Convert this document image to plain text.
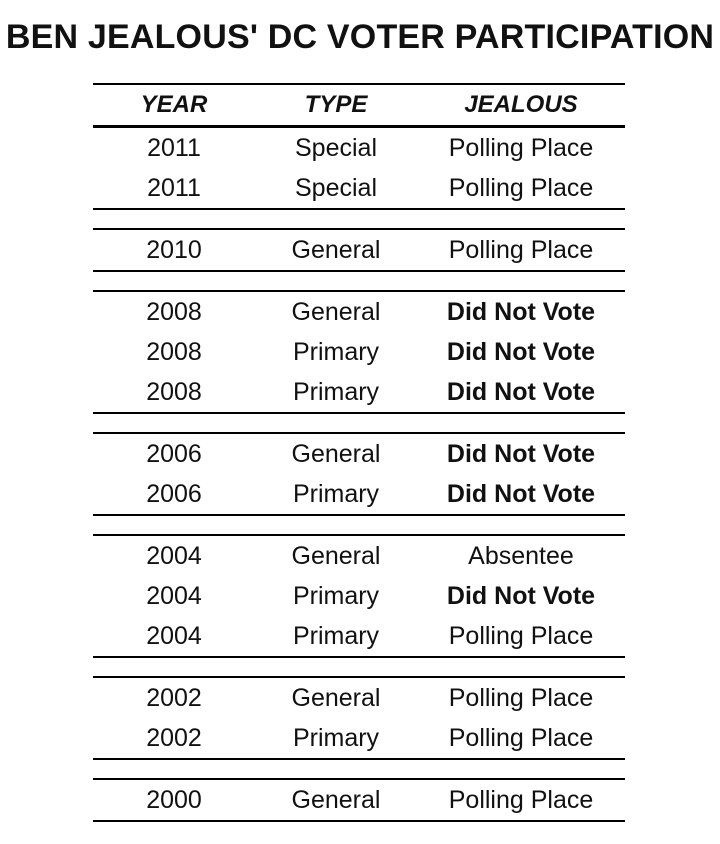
BEN JEALOUS' DC VOTER PARTICIPATION
YEAR	TYPE	JEALOUS
2011	Special	Polling Place
2011	Special	Polling Place
2010	General	Polling Place
2008	General	Did Not Vote
2008	Primary	Did Not Vote
2008	Primary	Did Not Vote
2006	General	Did Not Vote
2006	Primary	Did Not Vote
2004	General	Absentee
2004	Primary	Did Not Vote
2004	Primary	Polling Place
2002	General	Polling Place
2002	Primary	Polling Place
2000	General	Polling Place
